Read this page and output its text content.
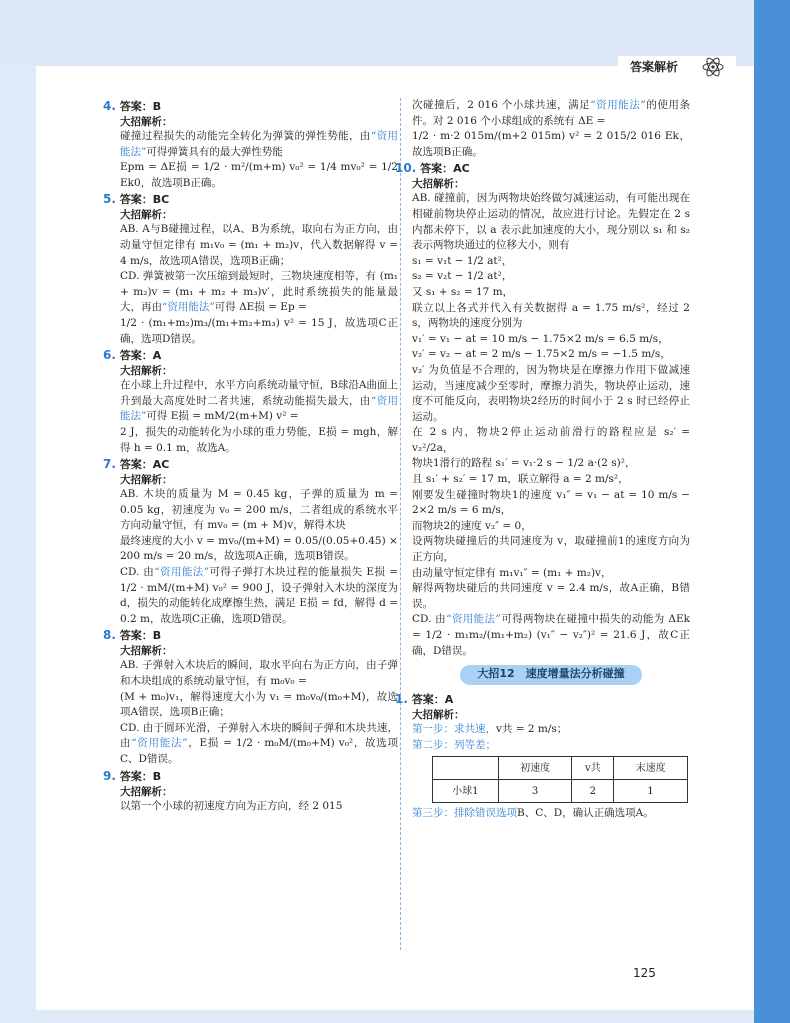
答案解析
4. 答案：B
大招解析：

碰撞过程损失的动能完全转化为弹簧的弹性势能，由“资用能法”可得弹簧具有的最大弹性势能

Epm = ΔE损 = 1/2 · m²/(m+m) v₀² = 1/4 mv₀² = 1/2 Ek0，故选项B正确。

5. 答案：BC
大招解析：

AB. A与B碰撞过程，以A、B为系统，取向右为正方向，由动量守恒定律有 m₁v₀ = (m₁ + m₂)v，代入数据解得 v = 4 m/s，故选项A错误，选项B正确；

CD. 弹簧被第一次压缩到最短时，三物块速度相等，有 (m₁ + m₂)v = (m₁ + m₂ + m₃)v′，此时系统损失的能量最大，再由“资用能法”可得 ΔE损 = Ep =

1/2 · (m₁+m₂)m₃/(m₁+m₂+m₃) v² = 15 J，故选项C正确，选项D错误。

6. 答案：A
大招解析：

在小球上升过程中，水平方向系统动量守恒，B球沿A曲面上升到最大高度处时二者共速，系统动能损失最大，由“资用能法”可得 E损 = mM/2(m+M) v² =

2 J，损失的动能转化为小球的重力势能，E损 = mgh，解得 h = 0.1 m，故选A。

7. 答案：AC
大招解析：

AB. 木块的质量为 M = 0.45 kg，子弹的质量为 m = 0.05 kg，初速度为 v₀ = 200 m/s，二者组成的系统水平方向动量守恒，有 mv₀ = (m + M)v，解得木块

最终速度的大小 v = mv₀/(m+M) = 0.05/(0.05+0.45) ×

200 m/s = 20 m/s，故选项A正确，选项B错误。

CD. 由“资用能法”可得子弹打木块过程的能量损失 E损 = 1/2 · mM/(m+M) v₀² = 900 J，设子弹射入木块的深度为 d，损失的动能转化成摩擦生热，满足 E损 = fd，解得 d = 0.2 m，故选项C正确，选项D错误。

8. 答案：B
大招解析：

AB. 子弹射入木块后的瞬间，取水平向右为正方向，由子弹和木块组成的系统动量守恒，有 m₀v₀ =

(M + m₀)v₁，解得速度大小为 v₁ = m₀v₀/(m₀+M)，故选项A错误，选项B正确；

CD. 由于圆环光滑，子弹射入木块的瞬间子弹和木块共速，由“资用能法”，E损 = 1/2 · m₀M/(m₀+M) v₀²，故选项C、D错误。

9. 答案：B
大招解析：

以第一个小球的初速度方向为正方向，经 2 015

次碰撞后，2 016 个小球共速，满足“资用能法”的使用条件。对 2 016 个小球组成的系统有 ΔE =

1/2 · m·2 015m/(m+2 015m) v² = 2 015/2 016 Ek，故选项B正确。

10. 答案：AC
大招解析：

AB. 碰撞前，因为两物块始终做匀减速运动，有可能出现在相碰前物块停止运动的情况，故应进行讨论。先假定在 2 s 内都未停下，以 a 表示此加速度的大小，现分别以 s₁ 和 s₂ 表示两物块通过的位移大小，则有

s₁ = v₁t − 1/2 at²，

s₂ = v₂t − 1/2 at²，

又 s₁ + s₂ = 17 m，

联立以上各式并代入有关数据得 a = 1.75 m/s²，经过 2 s，两物块的速度分别为

v₁′ = v₁ − at = 10 m/s − 1.75×2 m/s = 6.5 m/s，

v₂′ = v₂ − at = 2 m/s − 1.75×2 m/s = −1.5 m/s，

v₂′ 为负值是不合理的，因为物块是在摩擦力作用下做减速运动，当速度减少至零时，摩擦力消失，物块停止运动，速度不可能反向，表明物块2经历的时间小于 2 s 时已经停止运动。

在 2 s 内，物块2停止运动前滑行的路程应是 s₂′ = v₂²/2a，

物块1滑行的路程 s₁′ = v₁·2 s − 1/2 a·(2 s)²，

且 s₁′ + s₂′ = 17 m，联立解得 a = 2 m/s²，

刚要发生碰撞时物块1的速度 v₁″ = v₁ − at = 10 m/s − 2×2 m/s = 6 m/s，

而物块2的速度 v₂″ = 0，

设两物块碰撞后的共同速度为 v，取碰撞前1的速度方向为正方向，

由动量守恒定律有 m₁v₁″ = (m₁ + m₂)v，

解得两物块碰后的共同速度 v = 2.4 m/s，故A正确，B错误。

CD. 由“资用能法”可得两物块在碰撞中损失的动能为 ΔEk = 1/2 · m₁m₂/(m₁+m₂) (v₁″ − v₂″)² = 21.6 J，故C正确，D错误。

大招12　速度增量法分析碰撞
1. 答案：A
大招解析：

第一步：求共速，v共 = 2 m/s；

第二步：列等差；

	初速度	v共	末速度
小球1	3	2	1

第三步：排除错误选项B、C、D，确认正确选项A。

125
